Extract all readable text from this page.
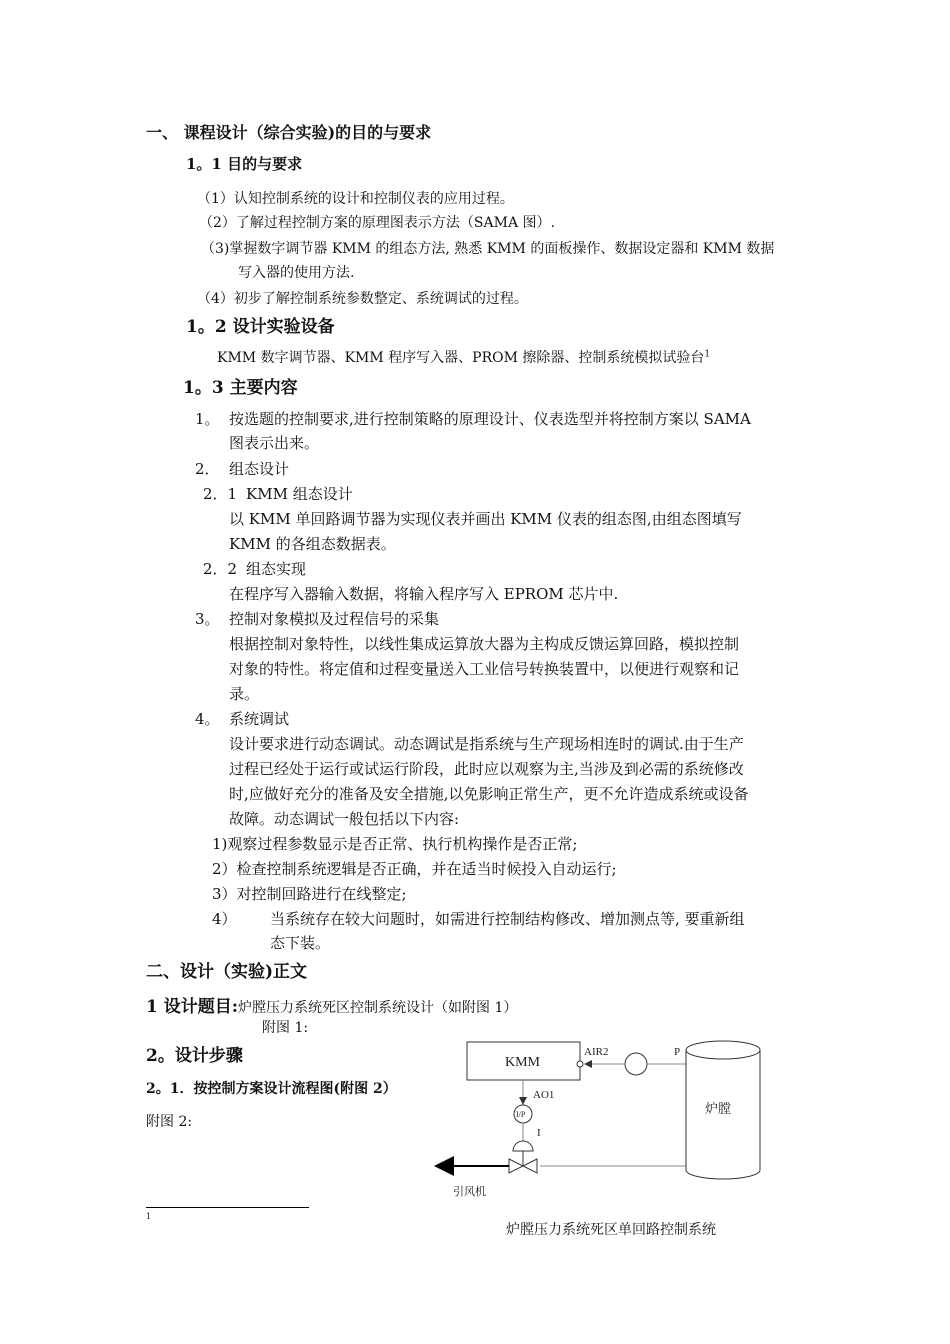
一、 课程设计（综合实验)的目的与要求
1。1 目的与要求
（1）认知控制系统的设计和控制仪表的应用过程。
（2）了解过程控制方案的原理图表示方法（SAMA 图）.
（3)掌握数字调节器 KMM 的组态方法, 熟悉 KMM 的面板操作、数据设定器和 KMM 数据
写入器的使用方法.
（4）初步了解控制系统参数整定、系统调试的过程。
1。2 设计实验设备
KMM 数字调节器、KMM 程序写入器、PROM 擦除器、控制系统模拟试验台$^1$
1。3 主要内容
1。 按选题的控制要求,进行控制策略的原理设计、仪表选型并将控制方案以 SAMA
图表示出来。
2． 组态设计
2．1 KMM 组态设计
以 KMM 单回路调节器为实现仪表并画出 KMM 仪表的组态图,由组态图填写
KMM 的各组态数据表。
2．2 组态实现
在程序写入器输入数据，将输入程序写入 EPROM 芯片中.
3。 控制对象模拟及过程信号的采集
根据控制对象特性，以线性集成运算放大器为主构成反馈运算回路，模拟控制
对象的特性。将定值和过程变量送入工业信号转换装置中，以便进行观察和记
录。
4。 系统调试
设计要求进行动态调试。动态调试是指系统与生产现场相连时的调试.由于生产
过程已经处于运行或试运行阶段，此时应以观察为主,当涉及到必需的系统修改
时,应做好充分的准备及安全措施,以免影响正常生产，更不允许造成系统或设备
故障。动态调试一般包括以下内容:
1)观察过程参数显示是否正常、执行机构操作是否正常;
2）检查控制系统逻辑是否正确，并在适当时候投入自动运行;
3）对控制回路进行在线整定;
4） 当系统存在较大问题时，如需进行控制结构修改、增加测点等, 要重新组
态下装。
二、设计（实验)正文
1 设计题目:炉膛压力系统死区控制系统设计（如附图 1）
附图 1:
2。设计步骤
2。1．按控制方案设计流程图(附图 2）
附图 2:
KMM
AIR2	P
炉膛
AO1
I/P
I
引风机
炉膛压力系统死区单回路控制系统
1
